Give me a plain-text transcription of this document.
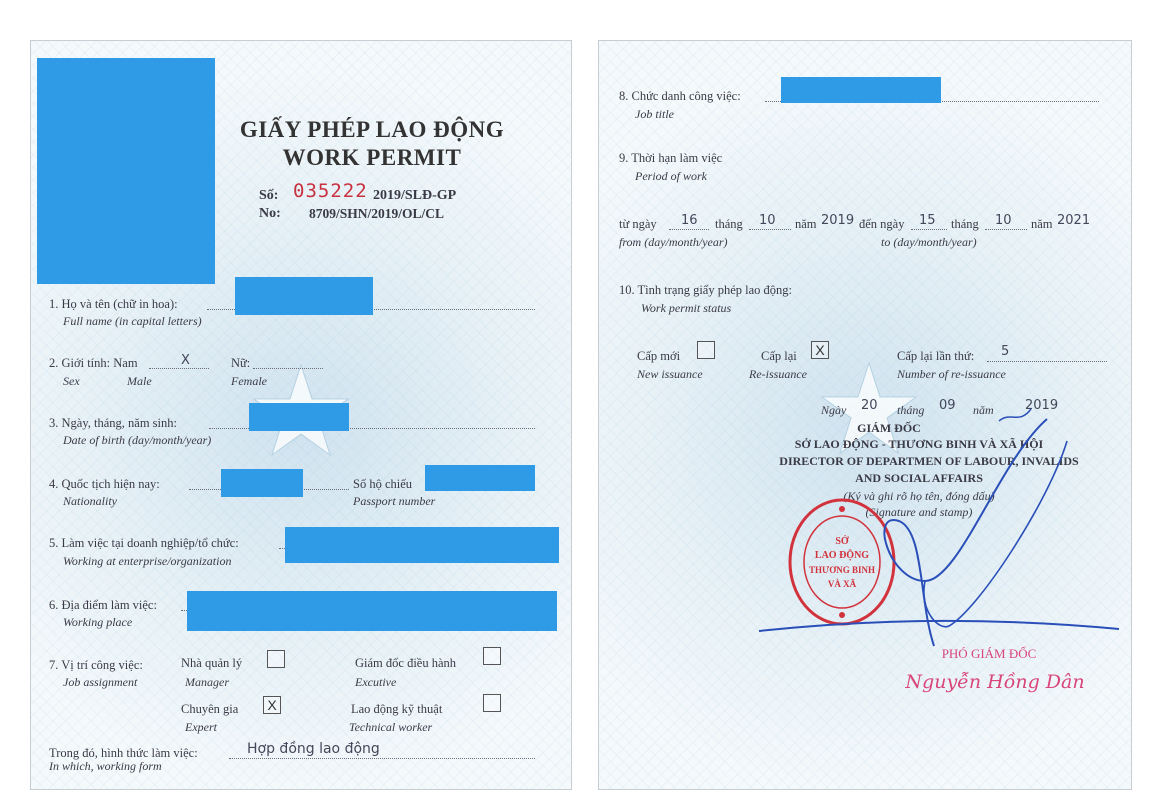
GIẤY PHÉP LAO ĐỘNG
WORK PERMIT
Số: 035222 2019/SLĐ-GP
No: 8709/SHN/2019/OL/CL
1. Họ và tên (chữ in hoa):
Full name (in capital letters)
2. Giới tính: Nam	X	Nữ:
Sex	Male	Female
3. Ngày, tháng, năm sinh:
Date of birth (day/month/year)
4. Quốc tịch hiện nay:
Nationality
Số hộ chiếu
Passport number
5. Làm việc tại doanh nghiệp/tổ chức:
Working at enterprise/organization
6. Địa điểm làm việc:
Working place
7. Vị trí công việc:
Job assignment
Nhà quản lý
Manager
Giám đốc điều hành
Excutive
Chuyên gia	X
Expert
Lao động kỹ thuật
Technical worker
Trong đó, hình thức làm việc:	Hợp đồng lao động
In which, working form
8. Chức danh công việc:
Job title
9. Thời hạn làm việc
Period of work
từ ngày 16 tháng 10 năm 2019 đến ngày 15 tháng 10 năm 2021
from (day/month/year)	to (day/month/year)
10. Tình trạng giấy phép lao động:
Work permit status
Cấp mới
New issuance
Cấp lại	X
Re-issuance
Cấp lại lần thứ: 5
Number of re-issuance
Ngày 20 tháng 09 năm 2019
GIÁM ĐỐC
SỞ LAO ĐỘNG - THƯƠNG BINH VÀ XÃ HỘI
DIRECTOR OF DEPARTMEN OF LABOUR, INVALIDS
AND SOCIAL AFFAIRS
(Ký và ghi rõ họ tên, đóng dấu)
(Signature and stamp)
SỞ
LAO ĐỘNG
THƯƠNG BINH
VÀ XÃ
PHÓ GIÁM ĐỐC
Nguyễn Hồng Dân
